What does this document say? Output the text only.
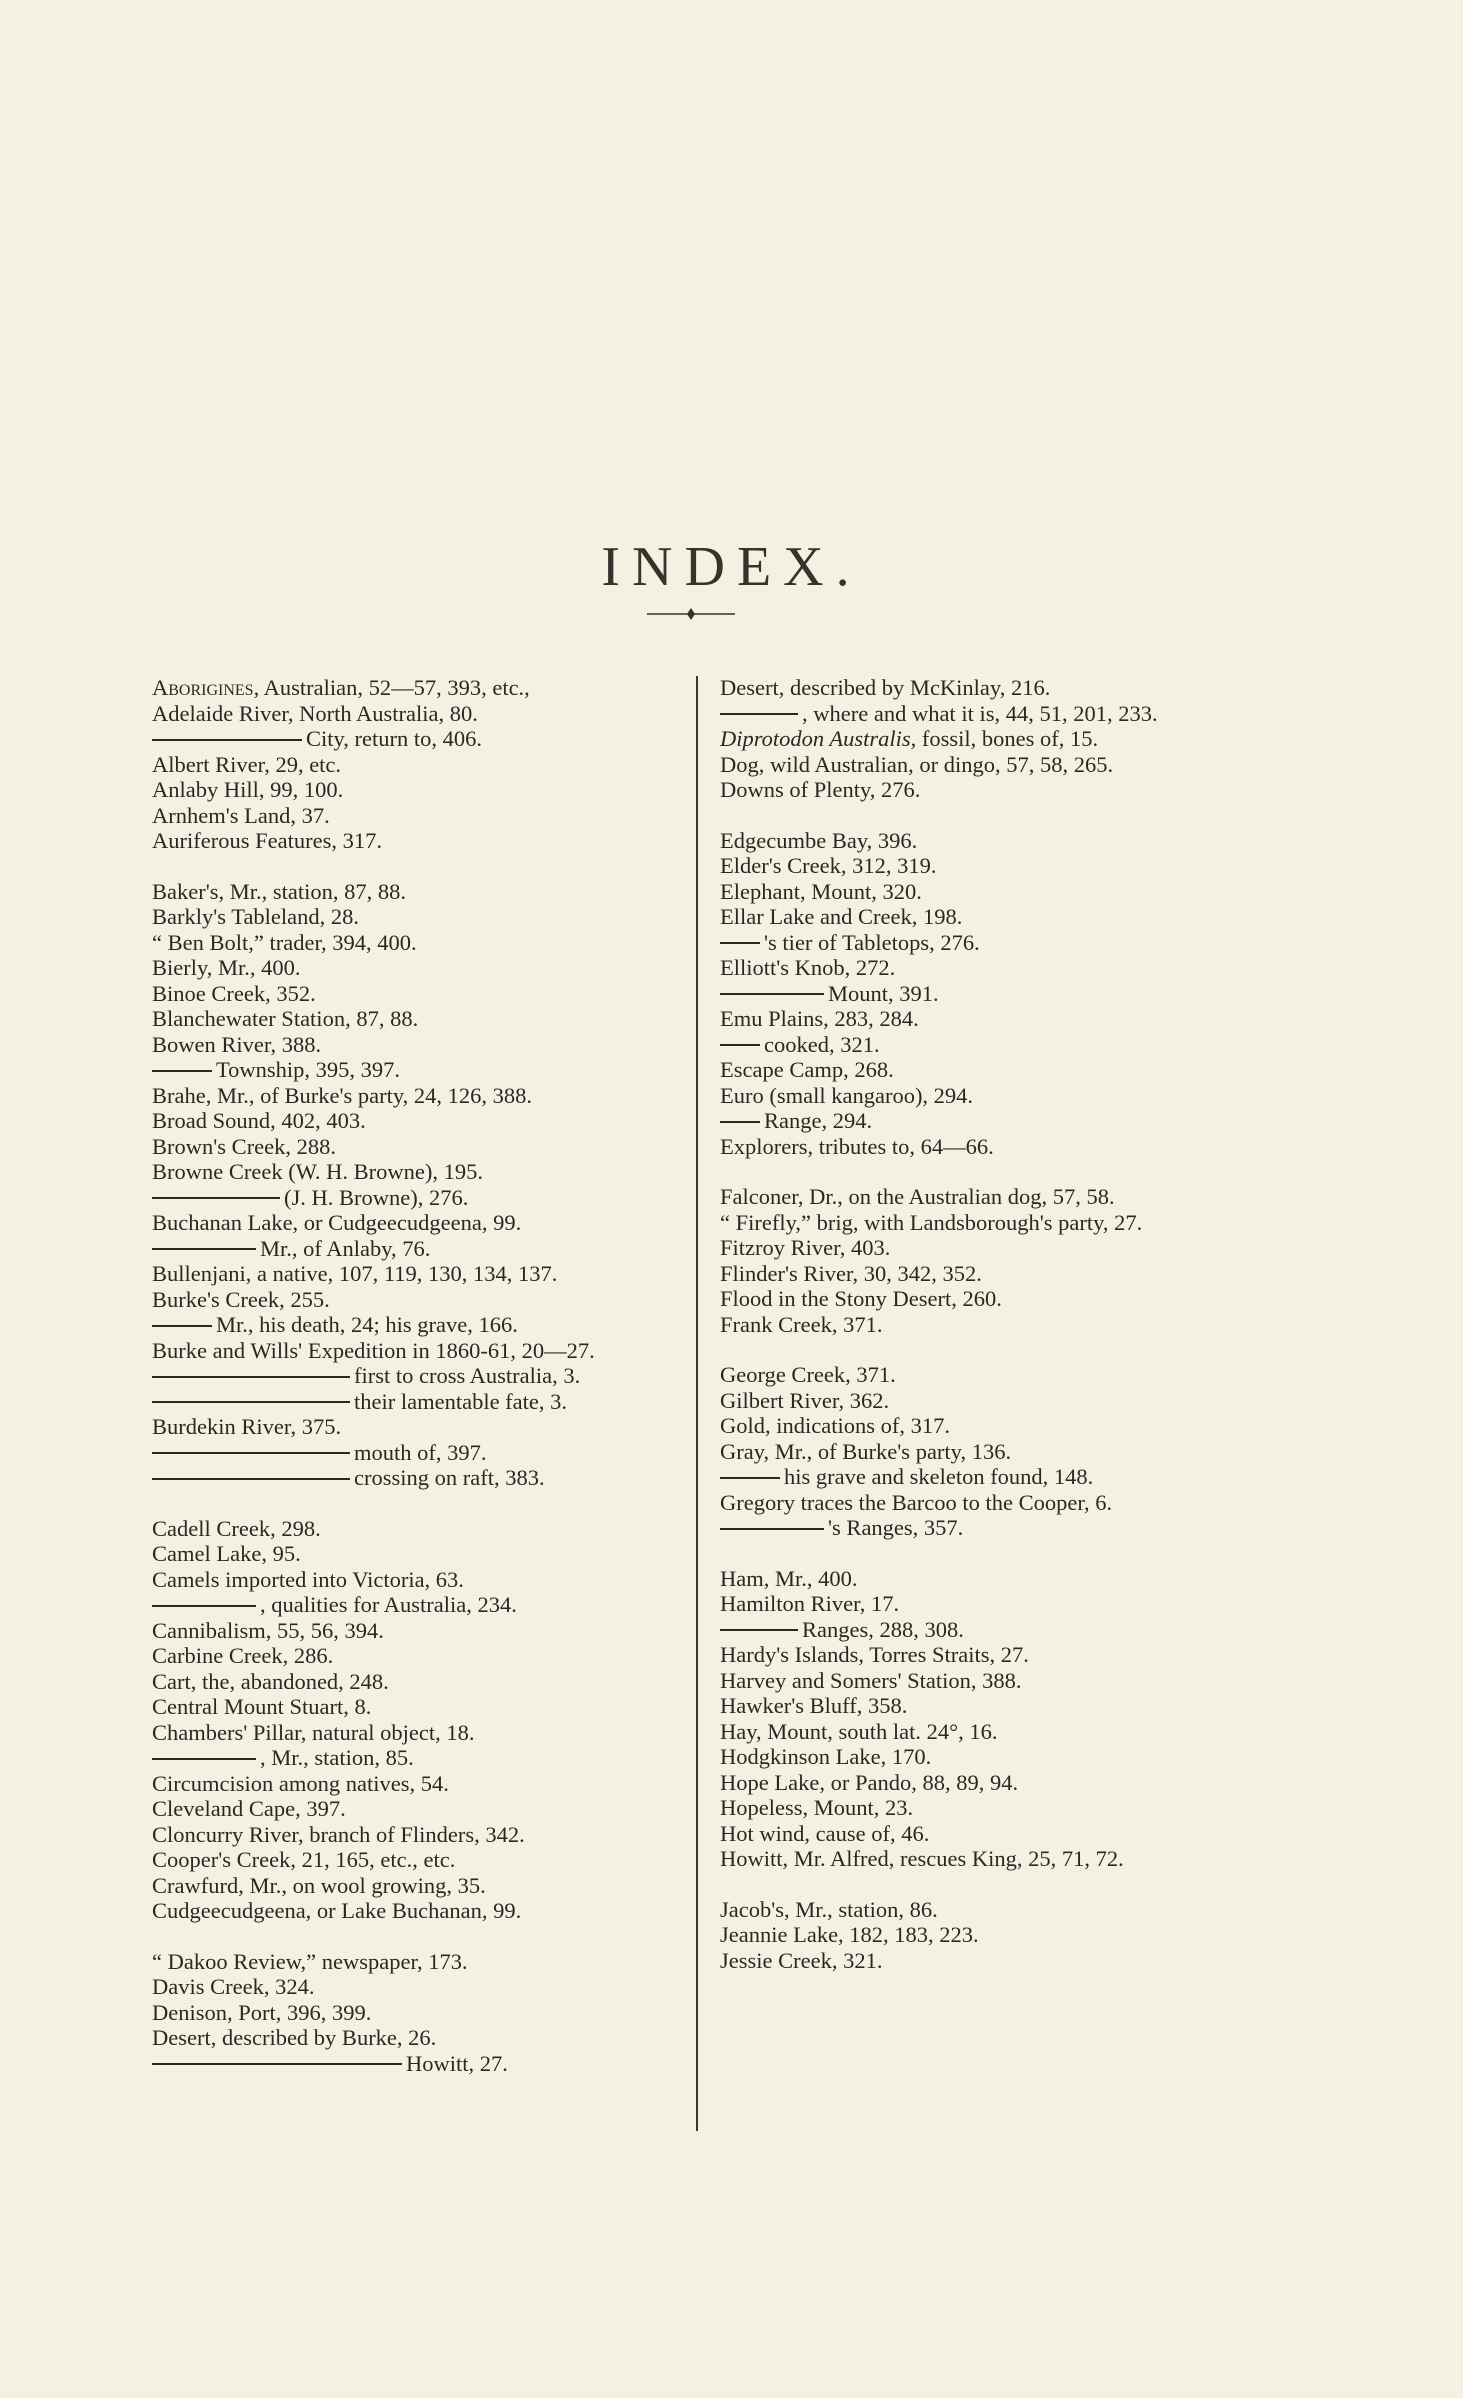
INDEX.
Aborigines, Australian, 52—57, 393, etc.,
Adelaide River, North Australia, 80.
City, return to, 406.
Albert River, 29, etc.
Anlaby Hill, 99, 100.
Arnhem's Land, 37.
Auriferous Features, 317.
Baker's, Mr., station, 87, 88.
Barkly's Tableland, 28.
“ Ben Bolt,” trader, 394, 400.
Bierly, Mr., 400.
Binoe Creek, 352.
Blanchewater Station, 87, 88.
Bowen River, 388.
Township, 395, 397.
Brahe, Mr., of Burke's party, 24, 126, 388.
Broad Sound, 402, 403.
Brown's Creek, 288.
Browne Creek (W. H. Browne), 195.
(J. H. Browne), 276.
Buchanan Lake, or Cudgeecudgeena, 99.
Mr., of Anlaby, 76.
Bullenjani, a native, 107, 119, 130, 134, 137.
Burke's Creek, 255.
Mr., his death, 24; his grave, 166.
Burke and Wills' Expedition in 1860-61, 20—27.
first to cross Australia, 3.
their lamentable fate, 3.
Burdekin River, 375.
mouth of, 397.
crossing on raft, 383.
Cadell Creek, 298.
Camel Lake, 95.
Camels imported into Victoria, 63.
, qualities for Australia, 234.
Cannibalism, 55, 56, 394.
Carbine Creek, 286.
Cart, the, abandoned, 248.
Central Mount Stuart, 8.
Chambers' Pillar, natural object, 18.
, Mr., station, 85.
Circumcision among natives, 54.
Cleveland Cape, 397.
Cloncurry River, branch of Flinders, 342.
Cooper's Creek, 21, 165, etc., etc.
Crawfurd, Mr., on wool growing, 35.
Cudgeecudgeena, or Lake Buchanan, 99.
“ Dakoo Review,” newspaper, 173.
Davis Creek, 324.
Denison, Port, 396, 399.
Desert, described by Burke, 26.
Howitt, 27.
Desert, described by McKinlay, 216.
, where and what it is, 44, 51, 201, 233.
Diprotodon Australis, fossil, bones of, 15.
Dog, wild Australian, or dingo, 57, 58, 265.
Downs of Plenty, 276.
Edgecumbe Bay, 396.
Elder's Creek, 312, 319.
Elephant, Mount, 320.
Ellar Lake and Creek, 198.
's tier of Tabletops, 276.
Elliott's Knob, 272.
Mount, 391.
Emu Plains, 283, 284.
cooked, 321.
Escape Camp, 268.
Euro (small kangaroo), 294.
Range, 294.
Explorers, tributes to, 64—66.
Falconer, Dr., on the Australian dog, 57, 58.
“ Firefly,” brig, with Landsborough's party, 27.
Fitzroy River, 403.
Flinder's River, 30, 342, 352.
Flood in the Stony Desert, 260.
Frank Creek, 371.
George Creek, 371.
Gilbert River, 362.
Gold, indications of, 317.
Gray, Mr., of Burke's party, 136.
his grave and skeleton found, 148.
Gregory traces the Barcoo to the Cooper, 6.
's Ranges, 357.
Ham, Mr., 400.
Hamilton River, 17.
Ranges, 288, 308.
Hardy's Islands, Torres Straits, 27.
Harvey and Somers' Station, 388.
Hawker's Bluff, 358.
Hay, Mount, south lat. 24°, 16.
Hodgkinson Lake, 170.
Hope Lake, or Pando, 88, 89, 94.
Hopeless, Mount, 23.
Hot wind, cause of, 46.
Howitt, Mr. Alfred, rescues King, 25, 71, 72.
Jacob's, Mr., station, 86.
Jeannie Lake, 182, 183, 223.
Jessie Creek, 321.
